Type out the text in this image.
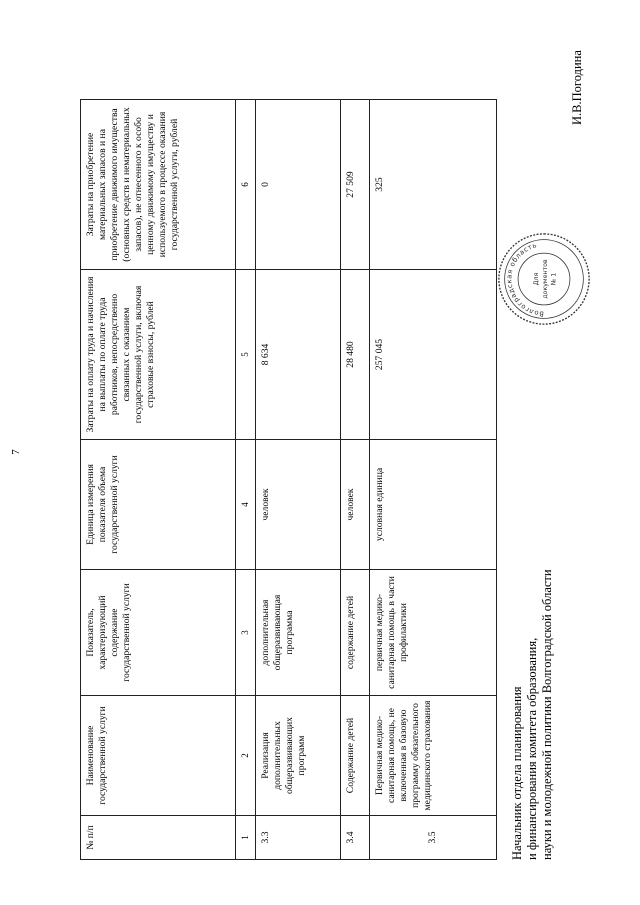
7
№ п/п	Наименование государственной услуги	Показатель, характеризующий содержание государственной услуги	Единица измерения показателя объема государственной услуги	Затраты на оплату труда и начисления на выплаты по оплате труда работников, непосредственно связанных с оказанием государственной услуги, включая страховые взносы, рублей	Затраты на приобретение материальных запасов и на приобретение движимого имущества (основных средств и нематериальных запасов), не отнесенного к особо ценному движимому имуществу и используемого в процессе оказания государственной услуги, рублей
1	2	3	4	5	6
3.3	Реализация дополнительных общеразвивающих программ	дополнительная общеразвивающая программа	человек	8 634	0
3.4	Содержание детей	содержание детей	человек	28 480	27 509
3.5	Первичная медико-санитарная помощь, не включенная в базовую программу обязательного медицинского страхования	первичная медико-санитарная помощь в части профилактики	условная единица	257 045	325
Начальник отдела планирования и финансирования комитета образования, науки и молодежной политики Волгоградской области
Волгоградская область
Для документов № 1
И.В.Погодина
